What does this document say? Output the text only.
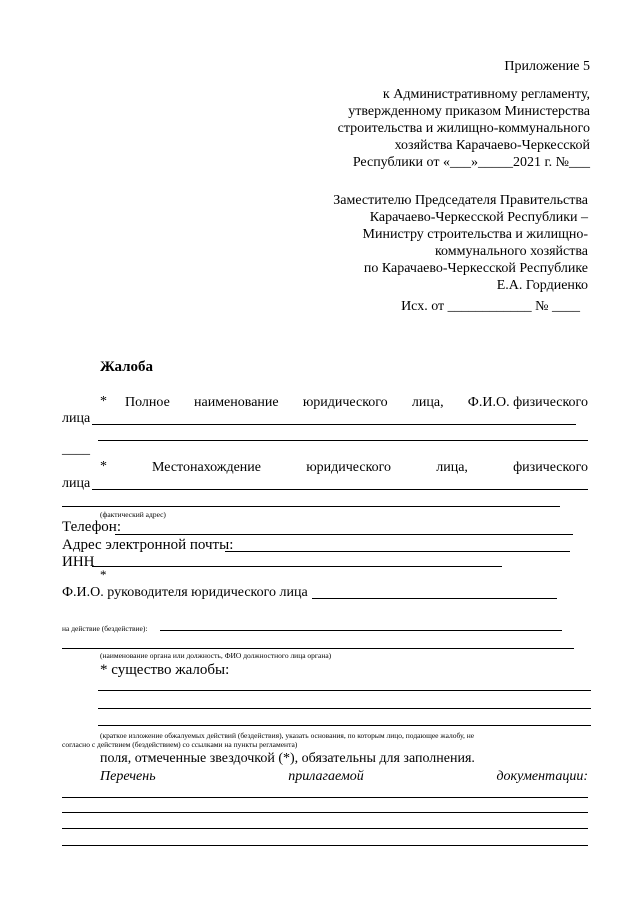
Приложение 5
к Административному регламенту,
утвержденному приказом Министерства
строительства и жилищно-коммунального
хозяйства Карачаево-Черкесской
Республики от «___»_____2021 г. №___
Заместителю Председателя Правительства
Карачаево-Черкесской Республики –
Министру строительства и жилищно-
коммунального хозяйства
по Карачаево-Черкесской Республике
Е.А. Гордиенко
Исх. от ____________ № ____
Жалоба
* Полное наименование юридического лица, Ф.И.О. физического
лица
____
*	Местонахождение	юридического	лица,	физического
лица
(фактический адрес)
Телефон:
Адрес электронной почты:
ИНН
*
Ф.И.О. руководителя юридического лица
на действие (бездействие):
(наименование органа или должность, ФИО должностного лица органа)
* существо жалобы:
(краткое изложение обжалуемых действий (бездействия), указать основания, по которым лицо, подающее жалобу, не
согласно с действием (бездействием) со ссылками на пункты регламента)
поля, отмеченные звездочкой (*), обязательны для заполнения.
Перечень	прилагаемой	документации:
